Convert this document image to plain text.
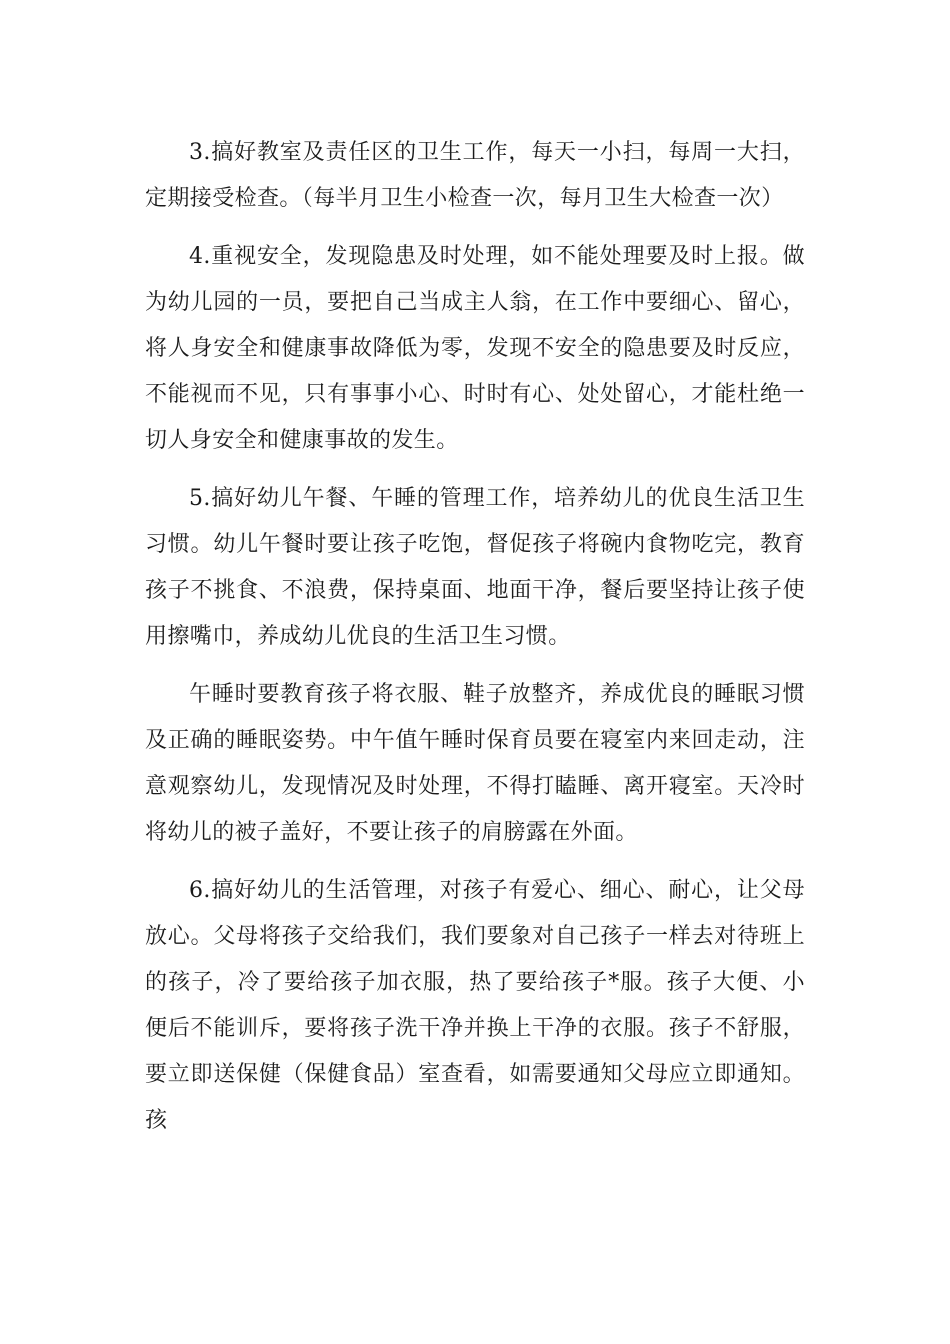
3.搞好教室及责任区的卫生工作，每天一小扫，每周一大扫，定期接受检查。（每半月卫生小检查一次，每月卫生大检查一次）

4.重视安全，发现隐患及时处理，如不能处理要及时上报。做为幼儿园的一员，要把自己当成主人翁，在工作中要细心、留心，将人身安全和健康事故降低为零，发现不安全的隐患要及时反应，不能视而不见，只有事事小心、时时有心、处处留心，才能杜绝一切人身安全和健康事故的发生。

5.搞好幼儿午餐、午睡的管理工作，培养幼儿的优良生活卫生习惯。幼儿午餐时要让孩子吃饱，督促孩子将碗内食物吃完，教育孩子不挑食、不浪费，保持桌面、地面干净，餐后要坚持让孩子使用擦嘴巾，养成幼儿优良的生活卫生习惯。

午睡时要教育孩子将衣服、鞋子放整齐，养成优良的睡眠习惯及正确的睡眠姿势。中午值午睡时保育员要在寝室内来回走动，注意观察幼儿，发现情况及时处理，不得打瞌睡、离开寝室。天冷时将幼儿的被子盖好，不要让孩子的肩膀露在外面。

6.搞好幼儿的生活管理，对孩子有爱心、细心、耐心，让父母放心。父母将孩子交给我们，我们要象对自己孩子一样去对待班上的孩子，冷了要给孩子加衣服，热了要给孩子*服。孩子大便、小便后不能训斥，要将孩子洗干净并换上干净的衣服。孩子不舒服，要立即送保健（保健食品）室查看，如需要通知父母应立即通知。孩
